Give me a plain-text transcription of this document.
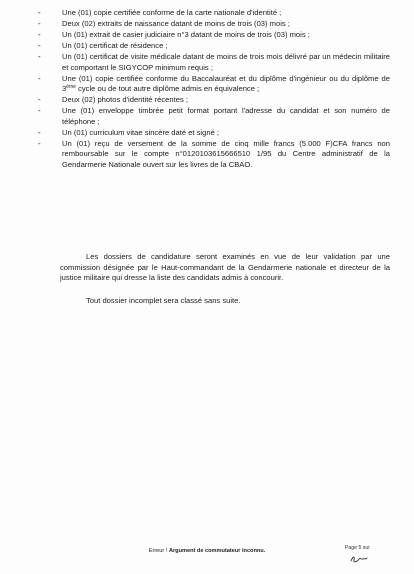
-	Une (01) copie certifiée conforme de la carte nationale d'identité ;
-	Deux (02) extraits de naissance datant de moins de trois (03) mois ;
-	Un (01) extrait de casier judiciaire n°3 datant de moins de trois (03) mois ;
-	Un (01) certificat de résidence ;
-	Un (01) certificat de visite médicale datant de moins de trois mois délivré par un médecin militaire et comportant le SIGYCOP minimum requis ;
-	Une (01) copie certifiée conforme du Baccalauréat et du diplôme d'ingénieur ou du diplôme de 3ème cycle ou de tout autre diplôme admis en équivalence ;
-	Deux (02) photos d'identité récentes ;
-	Une (01) enveloppe timbrée petit format portant l'adresse du candidat et son numéro de téléphone ;
-	Un (01) curriculum vitae sincère daté et signé ;
-	Un (01) reçu de versement de la somme de cinq mille francs (5.000 F)CFA francs non remboursable sur le compte n°0120103615666510 1/95 du Centre administratif de la Gendarmerie Nationale ouvert sur les livres de la CBAO.

Les dossiers de candidature seront examinés en vue de leur validation par une commission désignée par le Haut-commandant de la Gendarmerie nationale et directeur de la justice militaire qui dresse la liste des candidats admis à concourir.

Tout dossier incomplet sera classé sans suite.

Erreur ! Argument de commutateur inconnu.	Page 5 sur
